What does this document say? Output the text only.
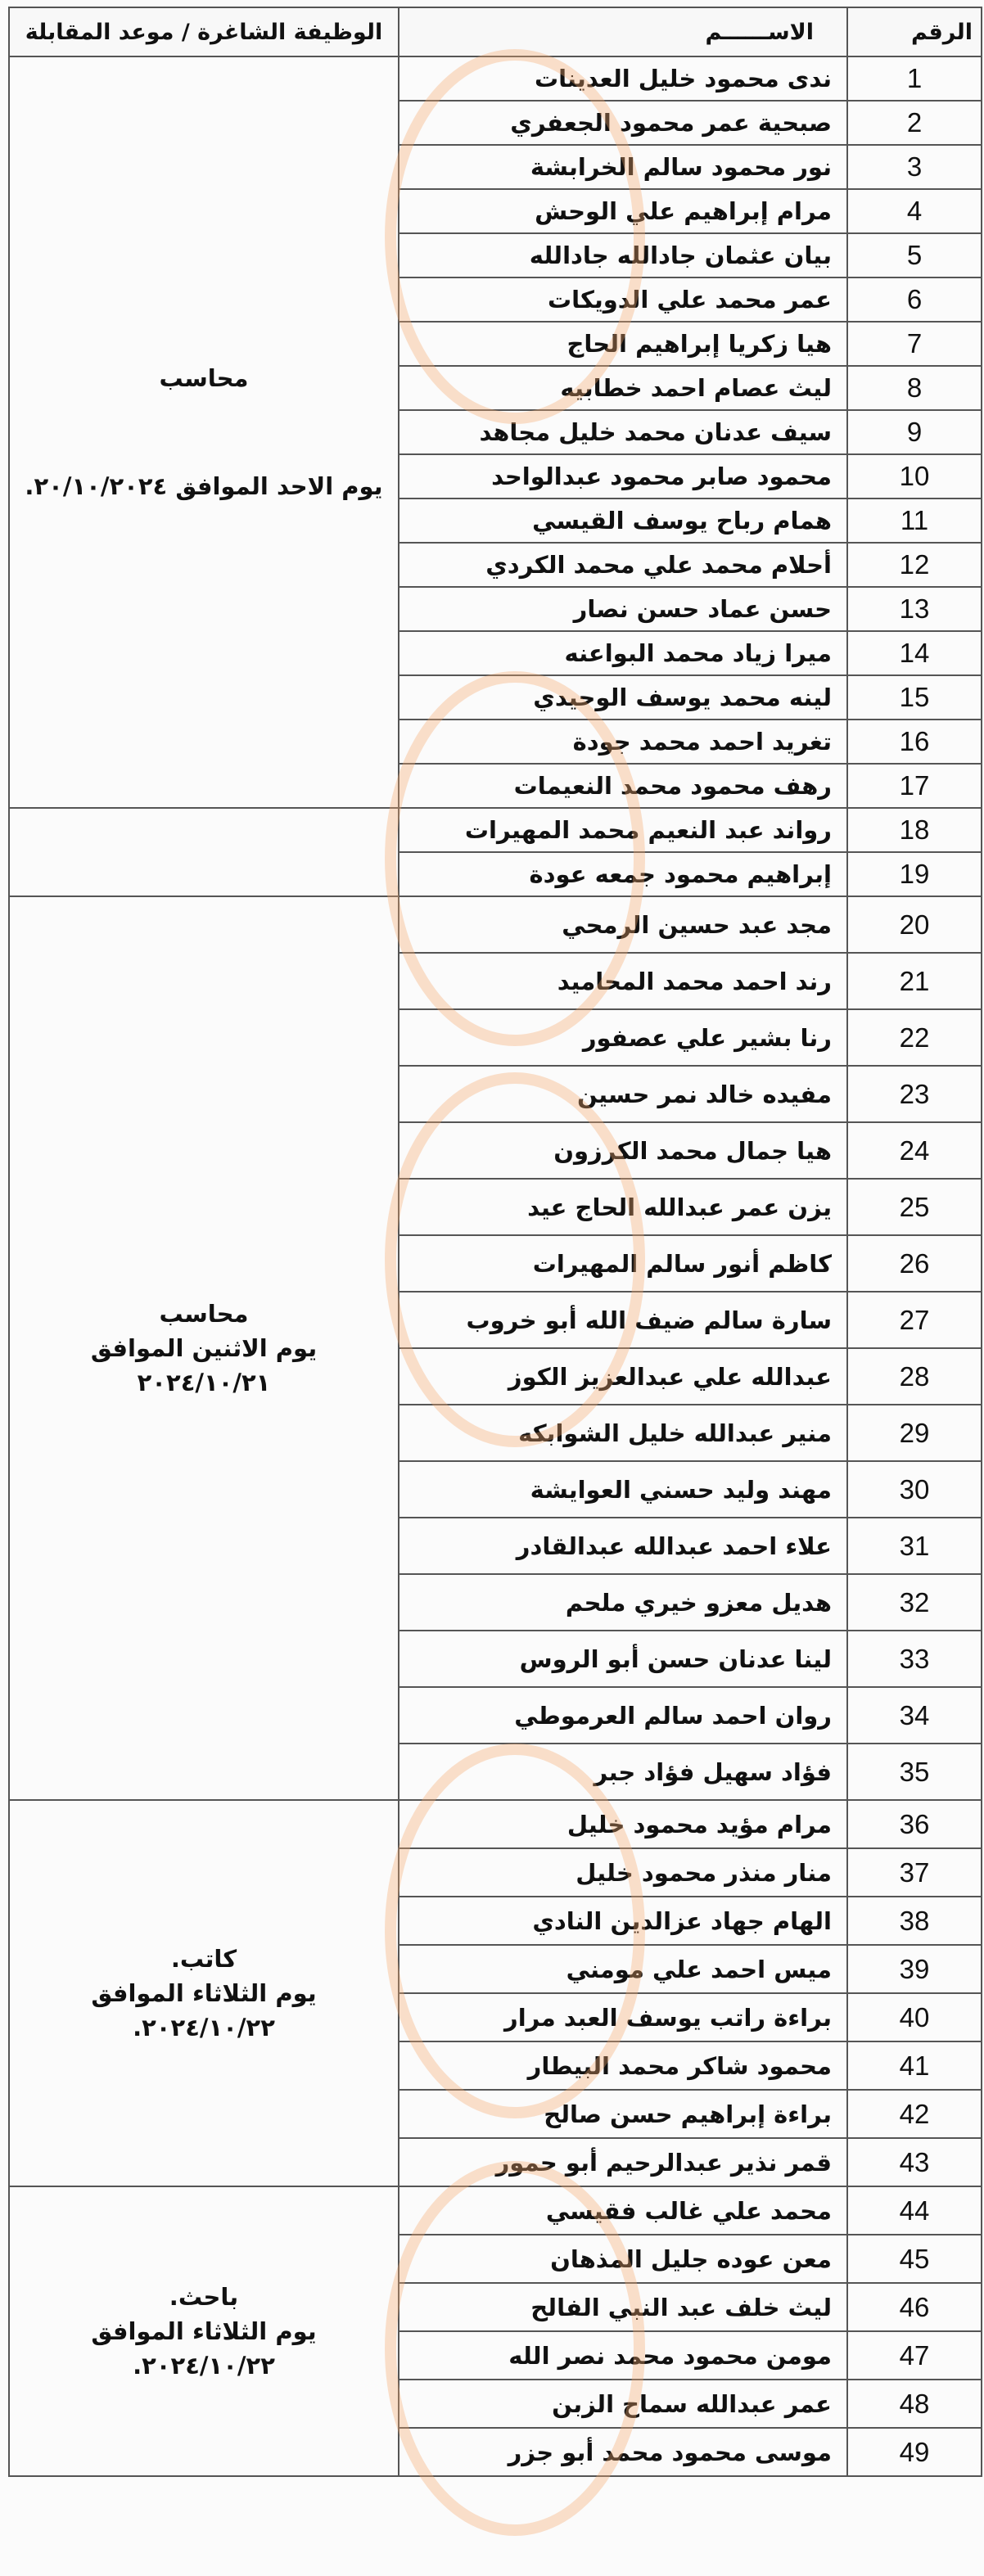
الرقم	الاســــــم	الوظيفة الشاغرة / موعد المقابلة
1	ندى محمود خليل العدينات	محاسب
يوم الاحد الموافق ٢٠/١٠/٢٠٢٤.

2	صبحية عمر محمود الجعفري	
3	نور محمود سالم الخرابشة	
4	مرام إبراهيم علي الوحش	
5	بيان عثمان جادالله جادالله	
6	عمر محمد علي الدويكات	
7	هيا زكريا إبراهيم الحاج	
8	ليث عصام احمد خطابيه	
9	سيف عدنان محمد خليل مجاهد	
10	محمود صابر محمود عبدالواحد	
11	همام رباح يوسف القيسي	
12	أحلام محمد علي محمد الكردي	
13	حسن عماد حسن نصار	
14	ميرا زياد محمد البواعنه	
15	لينه محمد يوسف الوحيدي	
16	تغريد احمد محمد جودة	
17	رهف محمود محمد النعيمات	
18	رواند عبد النعيم محمد المهيرات	
19	إبراهيم محمود جمعه عودة	
20	مجد عبد حسين الرمحي	محاسب
يوم الاثنين الموافق
٢٠٢٤/١٠/٢١

21	رند احمد محمد المحاميد	
22	رنا بشير علي عصفور	
23	مفيده خالد نمر حسين	
24	هيا جمال محمد الكرزون	
25	يزن عمر عبدالله الحاج عيد	
26	كاظم أنور سالم المهيرات	
27	سارة سالم ضيف الله أبو خروب	
28	عبدالله علي عبدالعزيز الكوز	
29	منير عبدالله خليل الشوابكه	
30	مهند وليد حسني العوايشة	
31	علاء احمد عبدالله عبدالقادر	
32	هديل معزو خيري ملحم	
33	لينا عدنان حسن أبو الروس	
34	روان احمد سالم العرموطي	
35	فؤاد سهيل فؤاد جبر	
36	مرام مؤيد محمود خليل	كاتب.
يوم الثلاثاء الموافق
٢٠٢٤/١٠/٢٢.

37	منار منذر محمود خليل	
38	الهام جهاد عزالدين النادي	
39	ميس احمد علي مومني	
40	براءة راتب يوسف العبد مرار	
41	محمود شاكر محمد البيطار	
42	براءة إبراهيم حسن صالح	
43	قمر نذير عبدالرحيم أبو حمور	
44	محمد علي غالب فقيسي	باحث.
يوم الثلاثاء الموافق
٢٠٢٤/١٠/٢٢.

45	معن عوده جليل المذهان	
46	ليث خلف عبد النبي الفالح	
47	مومن محمود محمد نصر الله	
48	عمر عبدالله سماح الزبن	
49	موسى محمود محمد أبو جزر	
